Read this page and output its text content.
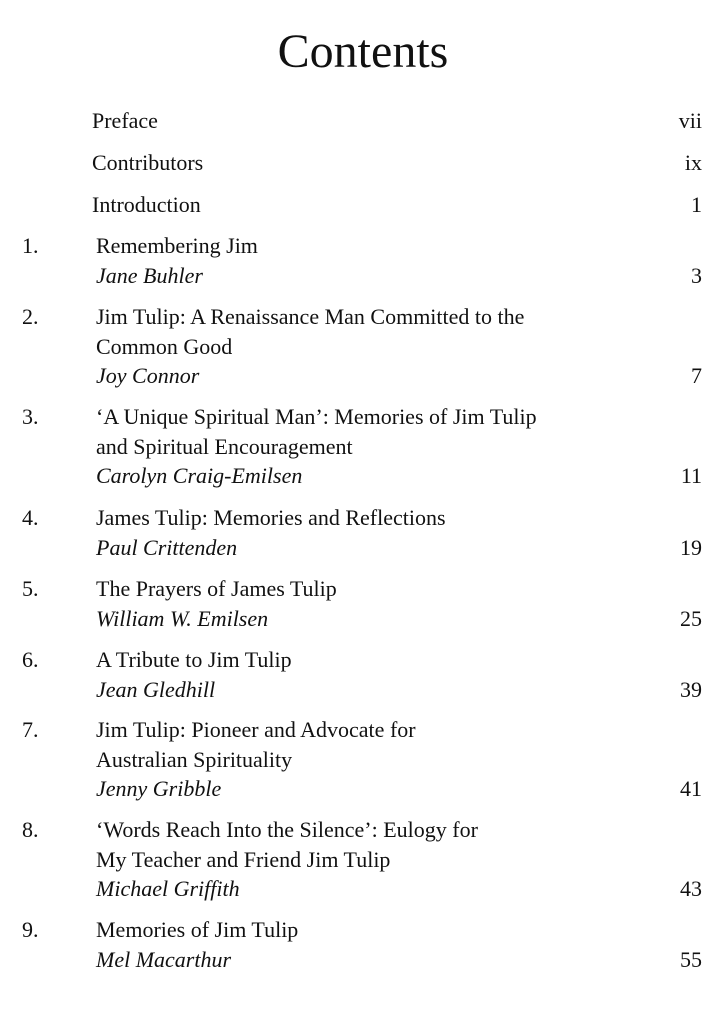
Contents
Preface	vii
Contributors	ix
Introduction	1
1.	Remembering Jim
Jane Buhler	3
2.	Jim Tulip: A Renaissance Man Committed to the
Common Good
Joy Connor	7
3.	‘A Unique Spiritual Man’: Memories of Jim Tulip
and Spiritual Encouragement
Carolyn Craig-Emilsen	11
4.	James Tulip: Memories and Reflections
Paul Crittenden	19
5.	The Prayers of James Tulip
William W. Emilsen	25
6.	A Tribute to Jim Tulip
Jean Gledhill	39
7.	Jim Tulip: Pioneer and Advocate for
Australian Spirituality
Jenny Gribble	41
8.	‘Words Reach Into the Silence’: Eulogy for
My Teacher and Friend Jim Tulip
Michael Griffith	43
9.	Memories of Jim Tulip
Mel Macarthur	55
